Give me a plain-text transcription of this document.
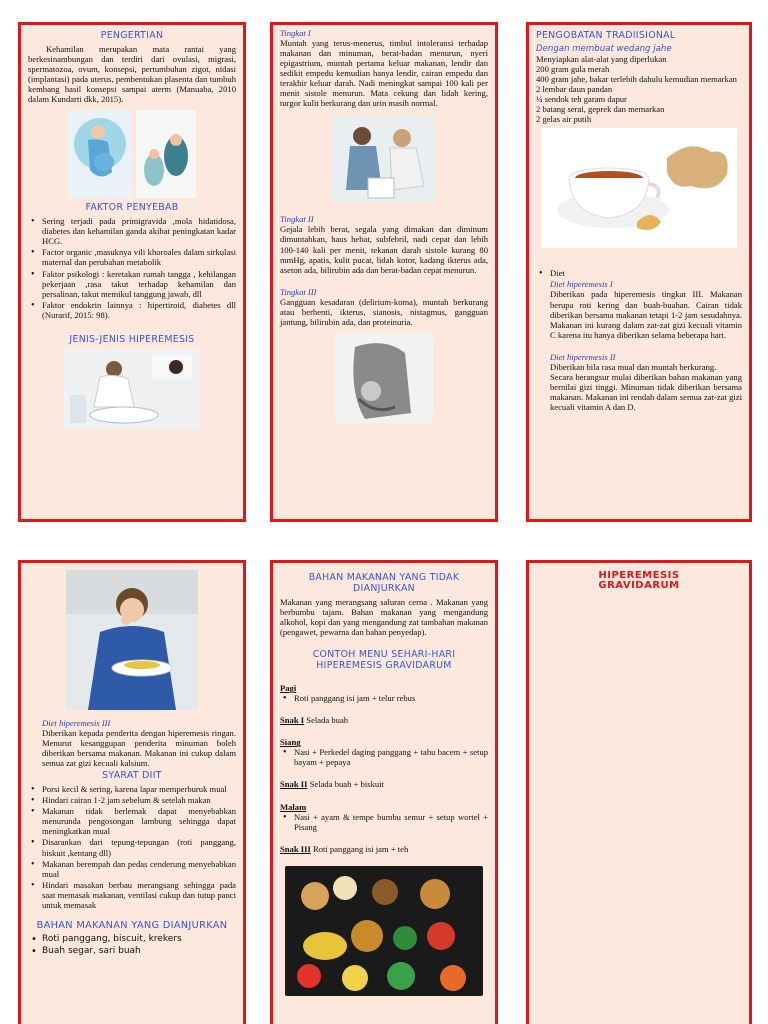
PENGERTIAN

Kehamilan merupakan mata rantai yang berkesinambungan dan terdiri dari ovulasi, migrasi, spermatozoa, ovum, konsepsi, pertumbuhan zigot, nidasi (implantasi) pada uterus, pembentukan plasenta dan tumbuh kembang hasil konsepsi sampai aterm (Manuaba, 2010 dalam Kundarti dkk, 2015).

FAKTOR PENYEBAB
• Sering terjadi pada primigravida ,mola hidatidosa, diabetes dan kehamilan ganda akibat peningkatan kadar HCG.
• Factor organic ,masuknya vili khoroales dalam sirkulasi maternal dan perubahan metabolik
• Faktor psikologi : keretakan rumah tangga , kehilangan pekerjaan ,rasa takut terhadap kehamilan dan persalinan, takut memikul tanggung jawab, dll
• Faktor endokrin lainnya : hipertiroid, diabetes dll (Nurarif, 2015: 98).
JENIS-JENIS HIPEREMESIS
Tingkat I

Muntah yang terus-menerus, timbul intoleransi terhadap makanan dan minuman, berat-badan menurun, nyeri epigastrium, muntah pertama keluar makanan, lendir dan sedikit empedu kemudian hanya lendir, cairan empedu dan terakhir keluar darah. Nadi meningkat sampai 100 kali per menit sistole menurun. Mata cekung dan lidah kering, turgor kulit berkurang dan urin masih normal.

Tingkat II

Gejala lebih berat, segala yang dimakan dan diminum dimuntahkan, haus hebat, subfebril, nadi cepat dan lebih 100-140 kali per menit, tekanan darah sistole kurang 80 mmHg, apatis, kulit pucat, lidah kotor, kadang ikterus ada, aseton ada, bilirubin ada dan berat-badan cepat menurun.

Tingkat III

Gangguan kesadaran (delirium-koma), muntah berkurang atau berhenti, ikterus, sianosis, nistagmus, gangguan jantung, bilirubin ada, dan proteinuria.

PENGOBATAN TRADIISIONAL
Dengan membuat wedang jahe
Menyiapkan alat-alat yang diperlukan
200 gram gula merah
400 gram jahe, bakar terlebih dahulu kemudian memarkan
2 lembar daun pandan
¼ sendok teh garam dapur
2 batang serai, geprek dan memarkan
2 gelas air putih
• Diet
Diet hiperemesis I

Diberikan pada hiperemesis tingkat III. Makanan berupa roti kering dan buah-buahan. Cairan tidak diberikan bersama makanan tetapi 1-2 jam sesudahnya. Makanan ini kurang dalam zat-zat gizi kecuali vitamin C karena itu hanya diberikan selama beberapa hari.

Diet hiperemesis II

Diberikan bila rasa mual dan muntah berkurang.

Secara berangsur mulai diberikan bahan makanan yang bernilai gizi tinggi. Minuman tidak diberikan bersama makanan. Makanan ini rendah dalam semua zat-zat gizi kecuali vitamin A dan D.

Diet hiperemesis III

Diberikan kepada penderita dengan hiperemesis ringan. Menurut kesanggupan penderita minuman boleh diberikan bersama makanan. Makanan ini cukup dalam semua zat gizi kecuali kalsium.

SYARAT DIIT
• Porsi kecil & sering, karena lapar memperburuk mual
• Hindari cairan 1-2 jam sebelum & setelah makan
• Makanan tidak berlemak dapat menyebabkan menurunda pengosongan lambung sehingga dapat meningkatkan mual
• Disarankan dari tepung-tepungan (roti panggang, biskuit ,kentang dll)
• Makanan berempah dan pedas cenderung menyebabkan mual
• Hindari masakan berbau merangsang sehingga pada saat memasak makanan, ventilasi cukup dan tutup panci untuk memasak
BAHAN MAKANAN YANG DIANJURKAN
• Roti panggang, biscuit, krekers
• Buah segar, sari buah
BAHAN MAKANAN YANG TIDAK DIANJURKAN

Makanan yang merangsang saluran cerna . Makanan yang berbumbu tajam. Bahan makanan yang mengandung alkohol, kopi dan yang mengandung zat tambahan makanan (pengawet, pewarna dan bahan penyedap).

CONTOH MENU SEHARI-HARI HIPEREMESIS GRAVIDARUM
Pagi
• Roti panggang isi jam + telur rebus
Snak I Selada buah
Siang
• Nasi + Perkedel daging panggang + tahu bacem + setup bayam + pepaya
Snak II Selada buah + biskuit
Malam
• Nasi + ayam & tempe bumbu semur + setup wortel + Pisang
Snak III Roti panggang isi jam + teh
HIPEREMESIS
GRAVIDARUM
